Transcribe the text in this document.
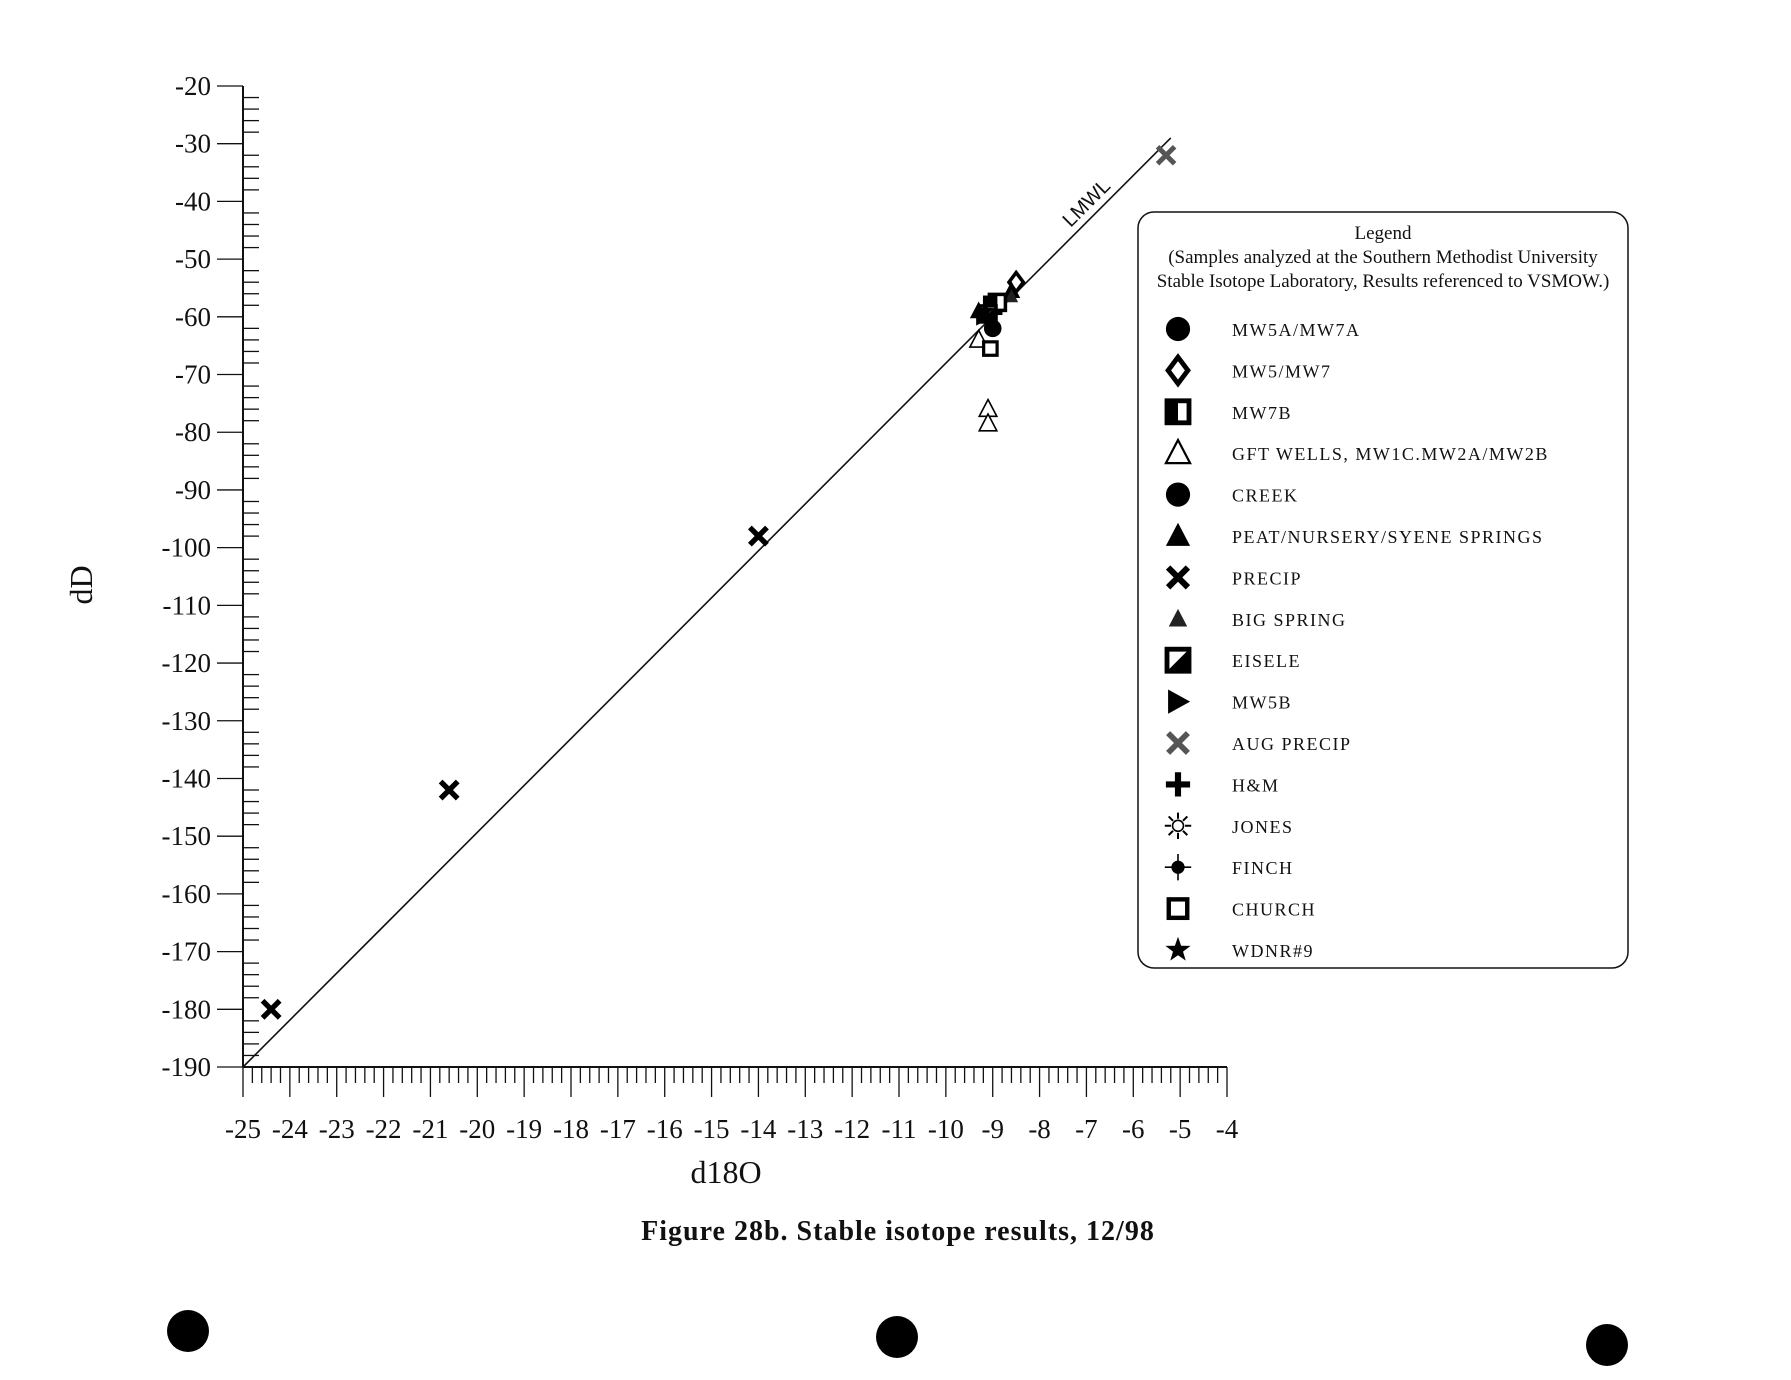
-20
-30
-40
-50
-60
-70
-80
-90
-100
-110
-120
-130
-140
-150
-160
-170
-180
-190
-25 -24 -23 -22 -21 -20 -19 -18 -17 -16 -15 -14 -13 -12 -11 -10 -9 -8 -7 -6 -5 -4
LMWL
Legend
(Samples analyzed at the Southern Methodist University
Stable Isotope Laboratory, Results referenced to VSMOW.)
MW5A/MW7A
MW5/MW7
MW7B
GFT WELLS, MW1C.MW2A/MW2B
CREEK
PEAT/NURSERY/SYENE SPRINGS
PRECIP
BIG SPRING
EISELE
MW5B
AUG PRECIP
H&M
JONES
FINCH
CHURCH
WDNR#9
dD
d18O
Figure 28b. Stable isotope results, 12/98
